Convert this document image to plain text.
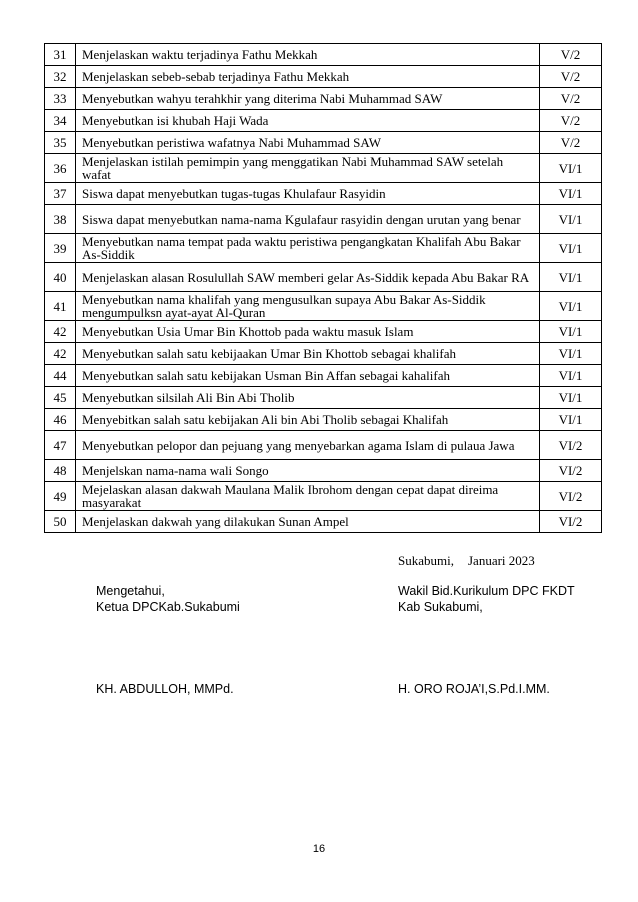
31	Menjelaskan waktu terjadinya Fathu Mekkah	V/2
32	Menjelaskan sebeb-sebab terjadinya Fathu Mekkah	V/2
33	Menyebutkan wahyu terahkhir yang diterima Nabi Muhammad SAW	V/2
34	Menyebutkan isi khubah Haji Wada	V/2
35	Menyebutkan peristiwa wafatnya Nabi Muhammad SAW	V/2
36	Menjelaskan istilah pemimpin yang menggatikan Nabi Muhammad SAW setelah wafat	VI/1
37	Siswa dapat menyebutkan tugas-tugas Khulafaur Rasyidin	VI/1
38	Siswa dapat menyebutkan nama-nama Kgulafaur rasyidin dengan urutan yang benar	VI/1
39	Menyebutkan nama tempat pada waktu peristiwa pengangkatan Khalifah Abu Bakar As-Siddik	VI/1
40	Menjelaskan alasan Rosulullah SAW memberi gelar As-Siddik kepada Abu Bakar RA	VI/1
41	Menyebutkan nama khalifah yang mengusulkan supaya Abu Bakar As-Siddik mengumpulksn ayat-ayat Al-Quran	VI/1
42	Menyebutkan Usia Umar Bin Khottob pada waktu masuk Islam	VI/1
42	Menyebutkan salah satu kebijaakan Umar Bin Khottob sebagai khalifah	VI/1
44	Menyebutkan salah satu kebijakan Usman Bin Affan sebagai kahalifah	VI/1
45	Menyebutkan silsilah Ali Bin Abi Tholib	VI/1
46	Menyebitkan salah satu kebijakan Ali bin Abi Tholib sebagai Khalifah	VI/1
47	Menyebutkan pelopor dan pejuang yang menyebarkan agama Islam di pulaua Jawa	VI/2
48	Menjelskan nama-nama wali Songo	VI/2
49	Mejelaskan alasan dakwah Maulana Malik Ibrohom dengan cepat dapat direima masyarakat	VI/2
50	Menjelaskan dakwah yang dilakukan Sunan Ampel	VI/2
Sukabumi, Januari 2023
Mengetahui,
Ketua DPCKab.Sukabumi
Wakil Bid.Kurikulum DPC FKDT
Kab Sukabumi,
KH. ABDULLOH, MMPd.	H. ORO ROJA’I,S.Pd.I.MM.
16
